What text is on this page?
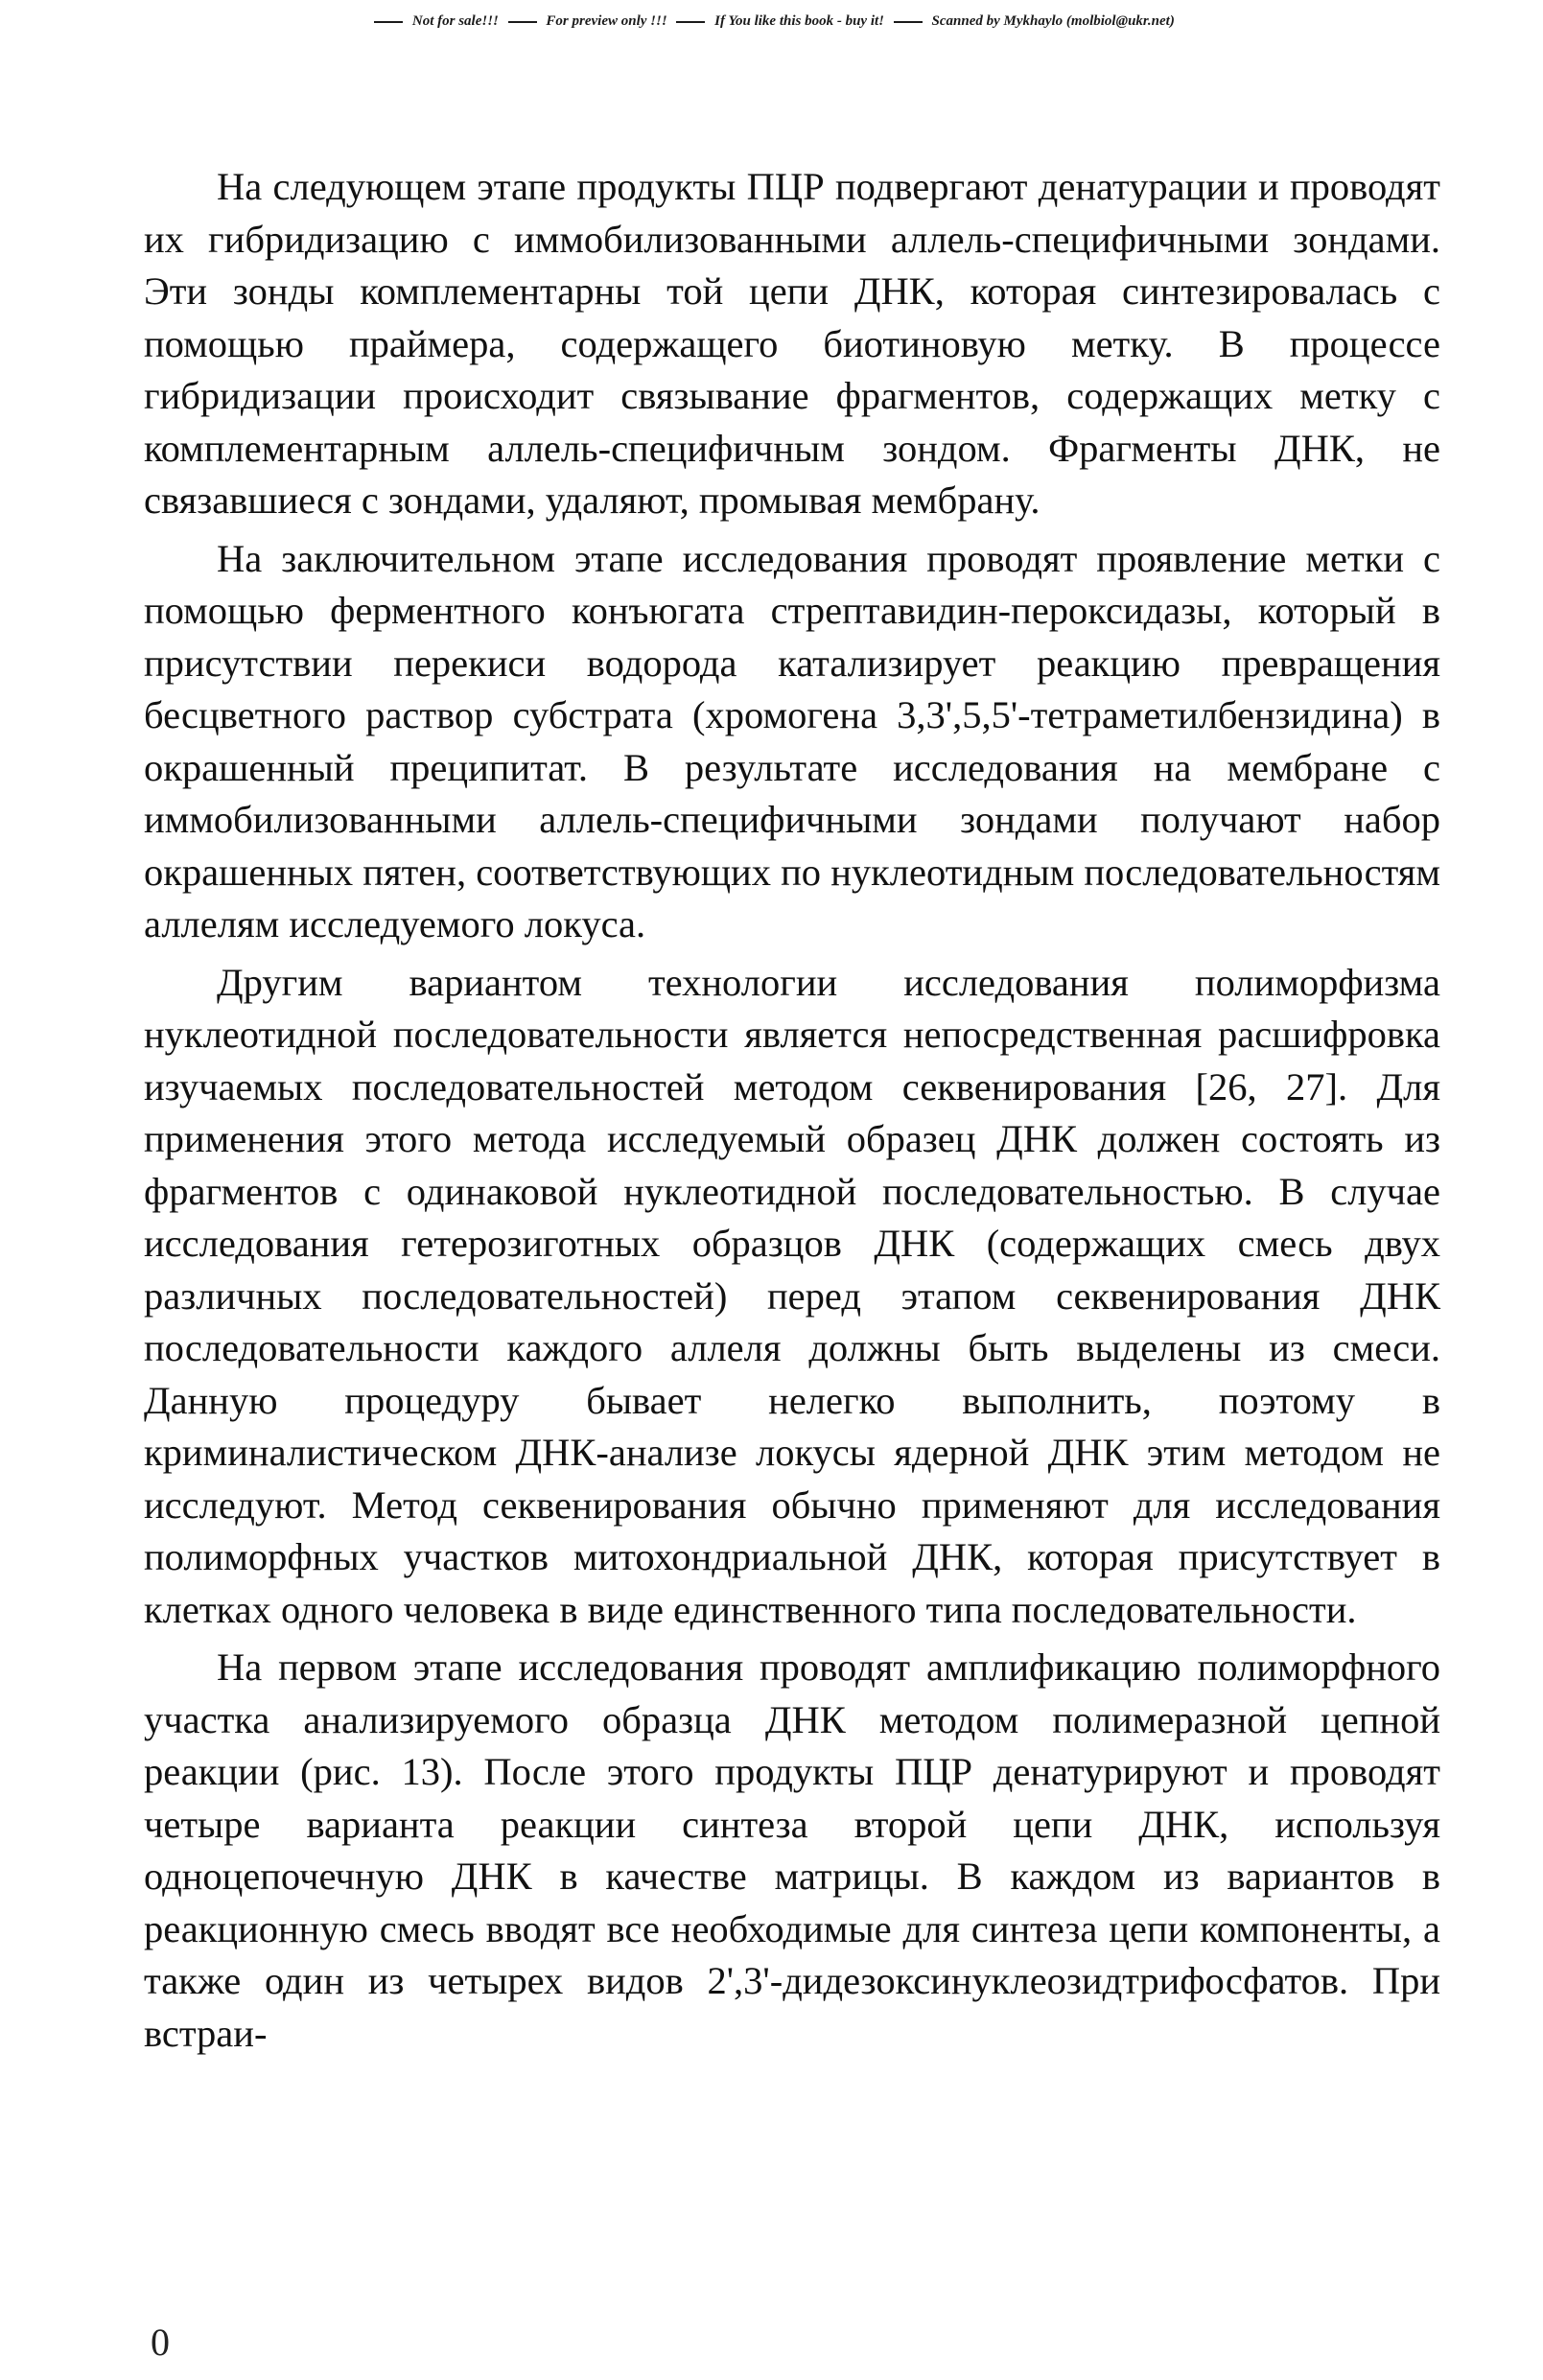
Not for sale!!!	For preview only !!!	If You like this book - buy it!	Scanned by Mykhaylo (molbiol@ukr.net)

На следующем этапе продукты ПЦР подвергают денатурации и проводят их гибридизацию с иммобилизованными аллель-специфичными зондами. Эти зонды комплементарны той цепи ДНК, которая синтезировалась с помощью праймера, содержащего биотиновую метку. В процессе гибридизации происходит связывание фрагментов, содержащих метку с комплементарным аллель-специфичным зондом. Фрагменты ДНК, не связавшиеся с зондами, удаляют, промывая мембрану.

На заключительном этапе исследования проводят проявление метки с помощью ферментного конъюгата стрептавидин-пероксидазы, который в присутствии перекиси водорода катализирует реакцию превращения бесцветного раствор субстрата (хромогена 3,3',5,5'-тетраметилбензидина) в окрашенный преципитат. В результате исследования на мембране с иммобилизованными аллель-специфичными зондами получают набор окрашенных пятен, соответствующих по нуклеотидным последовательностям аллелям исследуемого локуса.

Другим вариантом технологии исследования полиморфизма нуклеотидной последовательности является непосредственная расшифровка изучаемых последовательностей методом секвенирования [26, 27]. Для применения этого метода исследуемый образец ДНК должен состоять из фрагментов с одинаковой нуклеотидной последовательностью. В случае исследования гетерозиготных образцов ДНК (содержащих смесь двух различных последовательностей) перед этапом секвенирования ДНК последовательности каждого аллеля должны быть выделены из смеси. Данную процедуру бывает нелегко выполнить, поэтому в криминалистическом ДНК-анализе локусы ядерной ДНК этим методом не исследуют. Метод секвенирования обычно применяют для исследования полиморфных участков митохондриальной ДНК, которая присутствует в клетках одного человека в виде единственного типа последовательности.

На первом этапе исследования проводят амплификацию полиморфного участка анализируемого образца ДНК методом полимеразной цепной реакции (рис. 13). После этого продукты ПЦР денатурируют и проводят четыре варианта реакции синтеза второй цепи ДНК, используя одноцепочечную ДНК в качестве матрицы. В каждом из вариантов в реакционную смесь вводят все необходимые для синтеза цепи компоненты, а также один из четырех видов 2',3'-дидезоксинуклеозидтрифосфатов. При встраи-

0
